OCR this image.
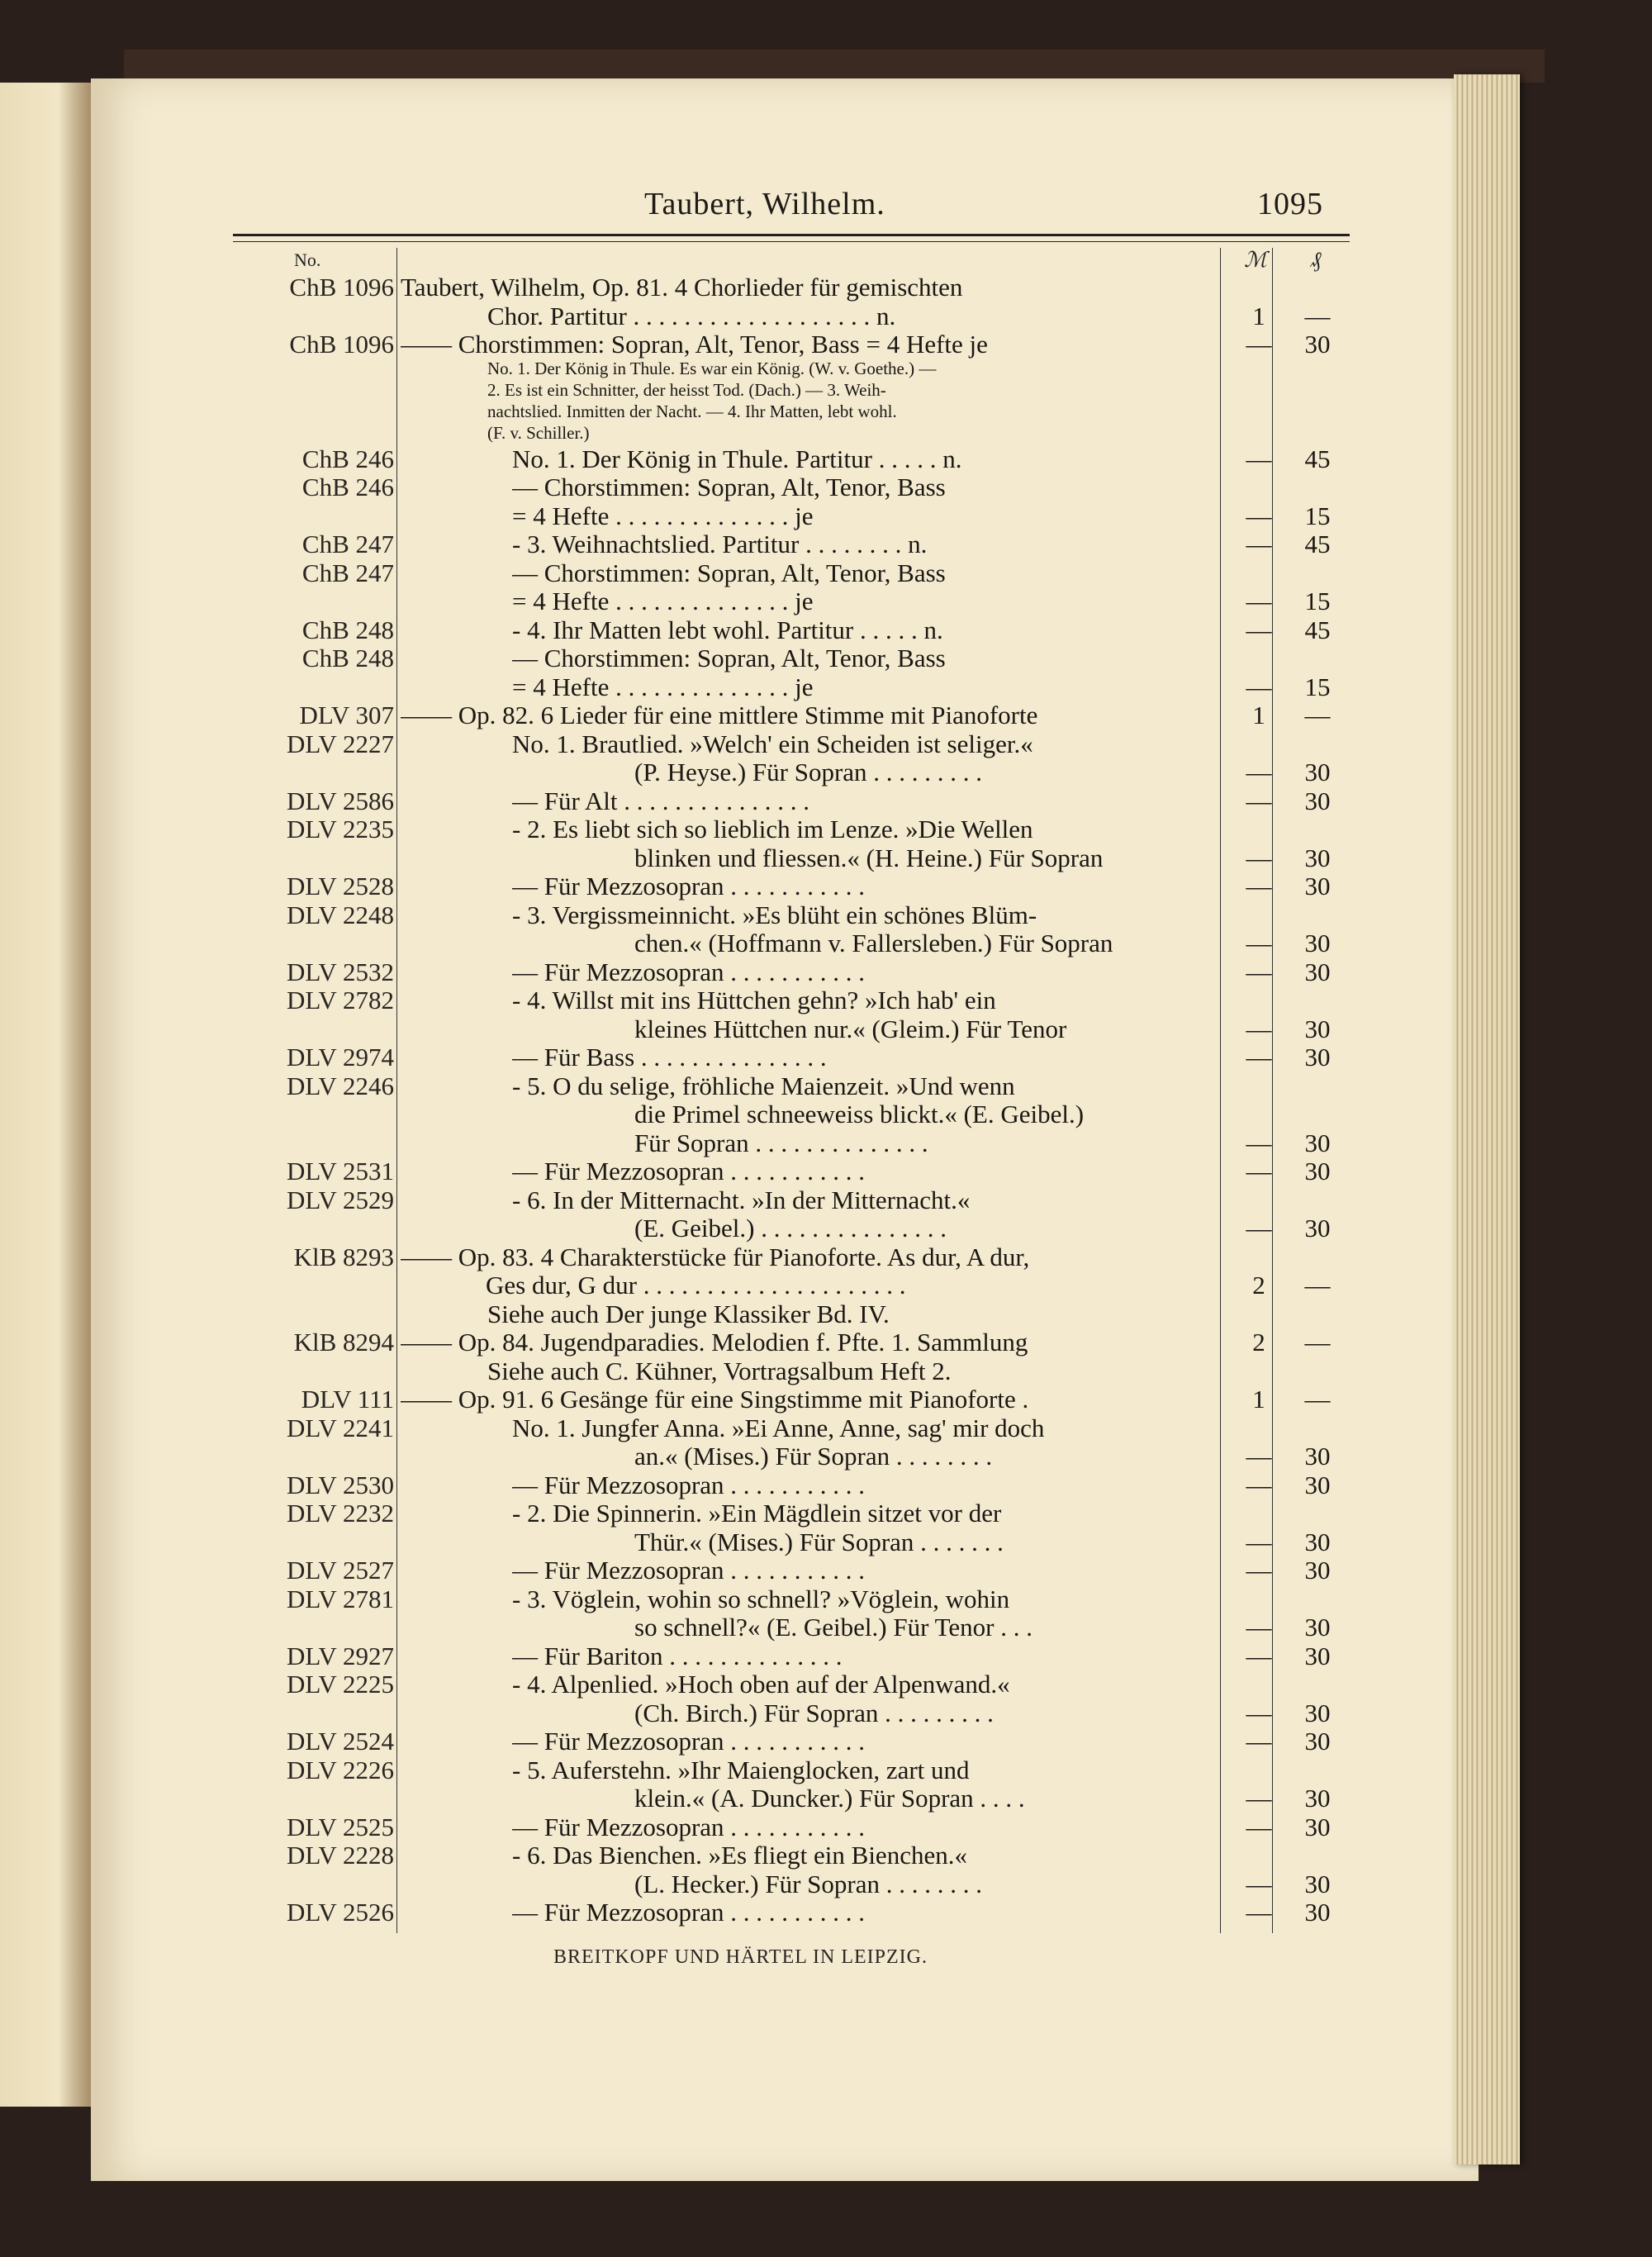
Taubert, Wilhelm.	1095
No.	ℳ ₰
ChB 1096 Taubert, Wilhelm, Op. 81. 4 Chorlieder für gemischten
Chor. Partitur . . . . . . . . . . . . . . . . . . . n.	1	—
ChB 1096 —— Chorstimmen: Sopran, Alt, Tenor, Bass = 4 Hefte je	—	30
No. 1. Der König in Thule. Es war ein König. (W. v. Goethe.) —
2. Es ist ein Schnitter, der heisst Tod. (Dach.) — 3. Weih-
nachtslied. Inmitten der Nacht. — 4. Ihr Matten, lebt wohl.
(F. v. Schiller.)
ChB 246	No. 1. Der König in Thule. Partitur . . . . . n.	—	45
ChB 246	— Chorstimmen: Sopran, Alt, Tenor, Bass
= 4 Hefte . . . . . . . . . . . . . . je	—	15
ChB 247	- 3. Weihnachtslied. Partitur . . . . . . . . n.	—	45
ChB 247	— Chorstimmen: Sopran, Alt, Tenor, Bass
= 4 Hefte . . . . . . . . . . . . . . je	—	15
ChB 248	- 4. Ihr Matten lebt wohl. Partitur . . . . . n.	—	45
ChB 248	— Chorstimmen: Sopran, Alt, Tenor, Bass
= 4 Hefte . . . . . . . . . . . . . . je	—	15
DLV 307 —— Op. 82. 6 Lieder für eine mittlere Stimme mit Pianoforte	1	—
DLV 2227	No. 1. Brautlied. »Welch' ein Scheiden ist seliger.«
(P. Heyse.) Für Sopran . . . . . . . . .	—	30
DLV 2586	— Für Alt . . . . . . . . . . . . . . .	—	30
DLV 2235	- 2. Es liebt sich so lieblich im Lenze. »Die Wellen
blinken und fliessen.« (H. Heine.) Für Sopran	—	30
DLV 2528	— Für Mezzosopran . . . . . . . . . . .	—	30
DLV 2248	- 3. Vergissmeinnicht. »Es blüht ein schönes Blüm-
chen.« (Hoffmann v. Fallersleben.) Für Sopran	—	30
DLV 2532	— Für Mezzosopran . . . . . . . . . . .	—	30
DLV 2782	- 4. Willst mit ins Hüttchen gehn? »Ich hab' ein
kleines Hüttchen nur.« (Gleim.) Für Tenor	—	30
DLV 2974	— Für Bass . . . . . . . . . . . . . . .	—	30
DLV 2246	- 5. O du selige, fröhliche Maienzeit. »Und wenn
die Primel schneeweiss blickt.« (E. Geibel.)
Für Sopran . . . . . . . . . . . . . .	—	30
DLV 2531	— Für Mezzosopran . . . . . . . . . . .	—	30
DLV 2529	- 6. In der Mitternacht. »In der Mitternacht.«
(E. Geibel.) . . . . . . . . . . . . . . .	—	30
KlB 8293 —— Op. 83. 4 Charakterstücke für Pianoforte. As dur, A dur,
Ges dur, G dur . . . . . . . . . . . . . . . . . . . . .	2	—
Siehe auch Der junge Klassiker Bd. IV.
KlB 8294 —— Op. 84. Jugendparadies. Melodien f. Pfte. 1. Sammlung	2	—
Siehe auch C. Kühner, Vortragsalbum Heft 2.
DLV 111 —— Op. 91. 6 Gesänge für eine Singstimme mit Pianoforte .	1	—
DLV 2241	No. 1. Jungfer Anna. »Ei Anne, Anne, sag' mir doch
an.« (Mises.) Für Sopran . . . . . . . .	—	30
DLV 2530	— Für Mezzosopran . . . . . . . . . . .	—	30
DLV 2232	- 2. Die Spinnerin. »Ein Mägdlein sitzet vor der
Thür.« (Mises.) Für Sopran . . . . . . .	—	30
DLV 2527	— Für Mezzosopran . . . . . . . . . . .	—	30
DLV 2781	- 3. Vöglein, wohin so schnell? »Vöglein, wohin
so schnell?« (E. Geibel.) Für Tenor . . .	—	30
DLV 2927	— Für Bariton . . . . . . . . . . . . . .	—	30
DLV 2225	- 4. Alpenlied. »Hoch oben auf der Alpenwand.«
(Ch. Birch.) Für Sopran . . . . . . . . .	—	30
DLV 2524	— Für Mezzosopran . . . . . . . . . . .	—	30
DLV 2226	- 5. Auferstehn. »Ihr Maienglocken, zart und
klein.« (A. Duncker.) Für Sopran . . . .	—	30
DLV 2525	— Für Mezzosopran . . . . . . . . . . .	—	30
DLV 2228	- 6. Das Bienchen. »Es fliegt ein Bienchen.«
(L. Hecker.) Für Sopran . . . . . . . .	—	30
DLV 2526	— Für Mezzosopran . . . . . . . . . . .	—	30
BREITKOPF UND HÄRTEL IN LEIPZIG.
